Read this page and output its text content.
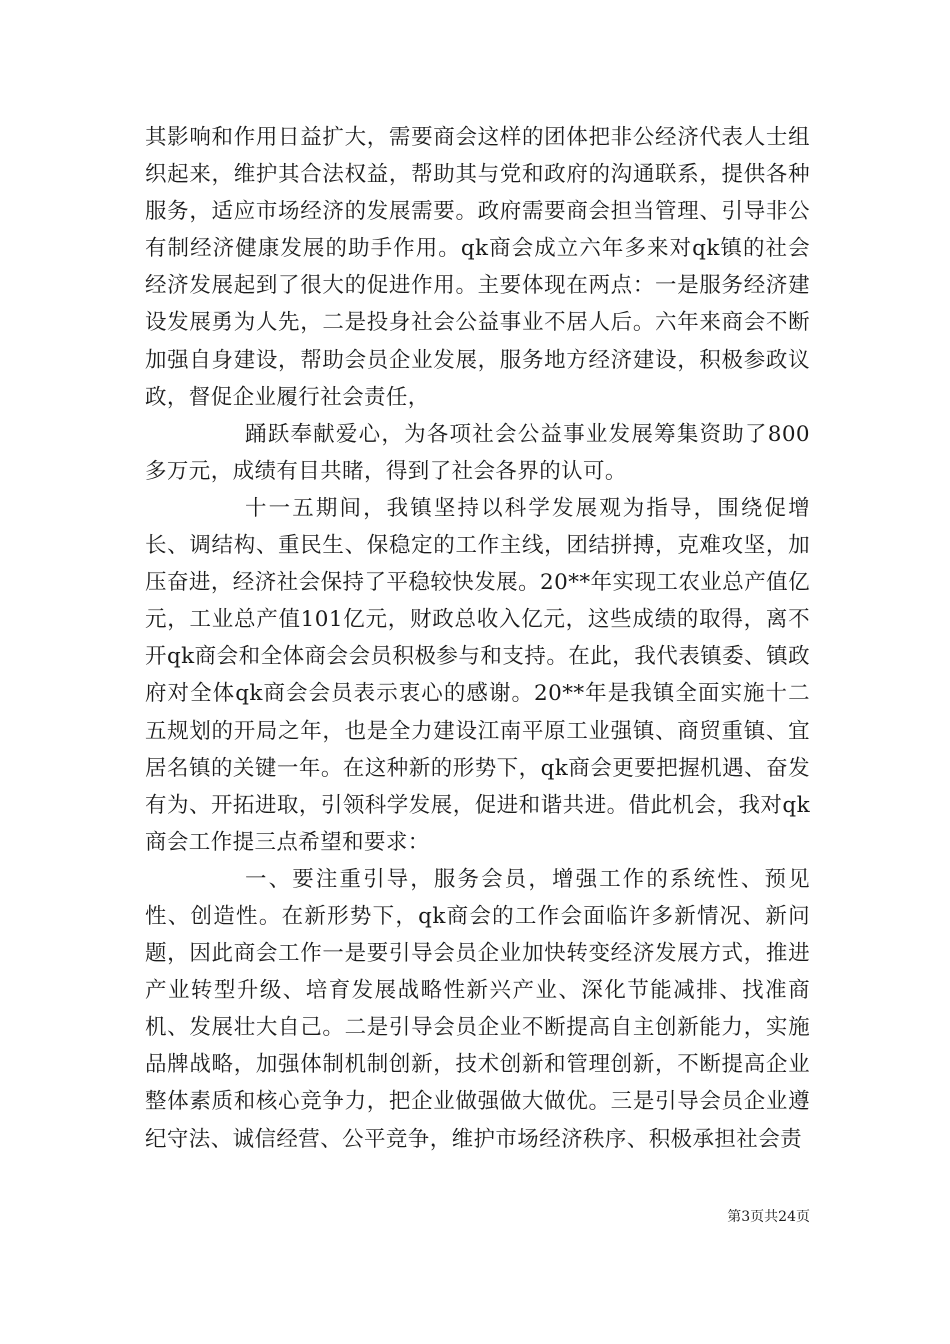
其影响和作用日益扩大，需要商会这样的团体把非公经济代表人士组织起来，维护其合法权益，帮助其与党和政府的沟通联系，提供各种服务，适应市场经济的发展需要。政府需要商会担当管理、引导非公有制经济健康发展的助手作用。qk商会成立六年多来对qk镇的社会经济发展起到了很大的促进作用。主要体现在两点：一是服务经济建设发展勇为人先，二是投身社会公益事业不居人后。六年来商会不断加强自身建设，帮助会员企业发展，服务地方经济建设，积极参政议政，督促企业履行社会责任，

踊跃奉献爱心，为各项社会公益事业发展筹集资助了800多万元，成绩有目共睹，得到了社会各界的认可。

十一五期间，我镇坚持以科学发展观为指导，围绕促增长、调结构、重民生、保稳定的工作主线，团结拼搏，克难攻坚，加压奋进，经济社会保持了平稳较快发展。20**年实现工农业总产值亿元，工业总产值101亿元，财政总收入亿元，这些成绩的取得，离不开qk商会和全体商会会员积极参与和支持。在此，我代表镇委、镇政府对全体qk商会会员表示衷心的感谢。20**年是我镇全面实施十二五规划的开局之年，也是全力建设江南平原工业强镇、商贸重镇、宜居名镇的关键一年。在这种新的形势下，qk商会更要把握机遇、奋发有为、开拓进取，引领科学发展，促进和谐共进。借此机会，我对qk商会工作提三点希望和要求：

一、要注重引导，服务会员，增强工作的系统性、预见性、创造性。在新形势下，qk商会的工作会面临许多新情况、新问题，因此商会工作一是要引导会员企业加快转变经济发展方式，推进产业转型升级、培育发展战略性新兴产业、深化节能减排、找准商机、发展壮大自己。二是引导会员企业不断提高自主创新能力，实施品牌战略，加强体制机制创新，技术创新和管理创新，不断提高企业整体素质和核心竞争力，把企业做强做大做优。三是引导会员企业遵纪守法、诚信经营、公平竞争，维护市场经济秩序、积极承担社会责

第3页共24页
